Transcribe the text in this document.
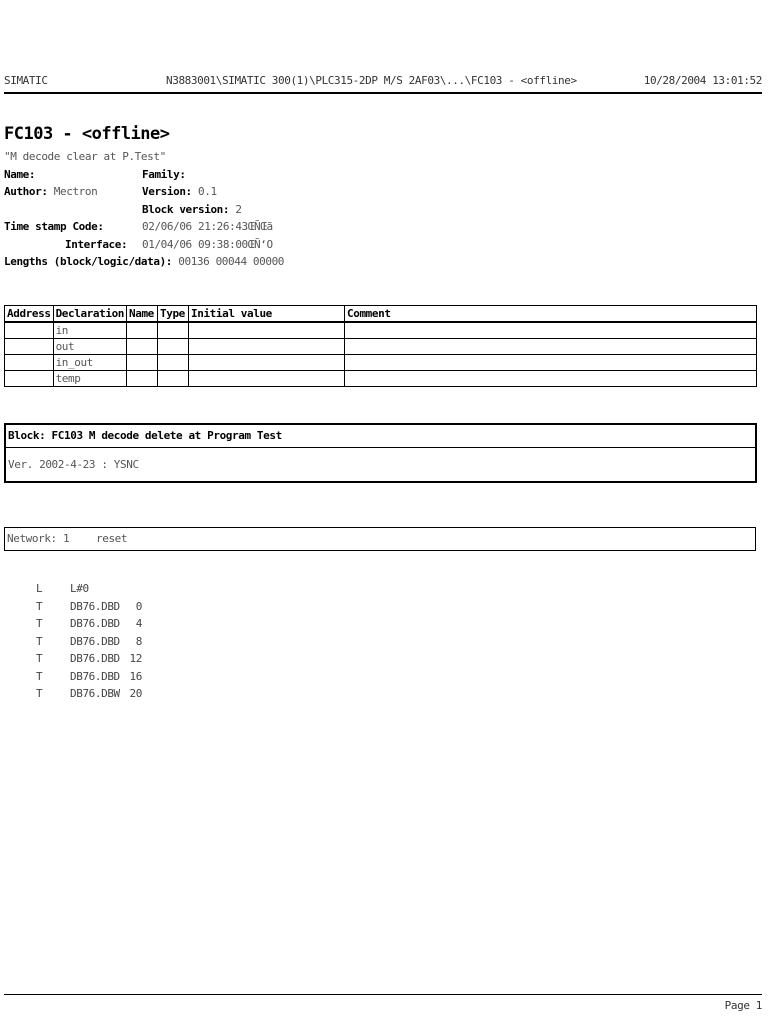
SIMATIC	N3883001\SIMATIC 300(1)\PLC315-2DP M/S 2AF03\...\FC103 - <offline>	10/28/2004 13:01:52
FC103 - <offline>
"M decode clear at P.Test"
Name:	Family:
Author: Mectron	Version: 0.1
Block version: 2
Time stamp Code:	02/06/06 21:26:43ŒÑŒã
Interface: 01/04/06 09:38:00ŒÑ‘O
Lengths (block/logic/data): 00136 00044 00000
Address	Declaration	Name	Type	Initial value	Comment
	in				
	out				
	in_out				
	temp				
Block: FC103 M decode delete at Program Test
Ver. 2002-4-23 : YSNC
Network: 1 reset
L	L#0
T	DB76.DBD	0
T	DB76.DBD	4
T	DB76.DBD	8
T	DB76.DBD 12
T	DB76.DBD 16
T	DB76.DBW 20
Page 1
